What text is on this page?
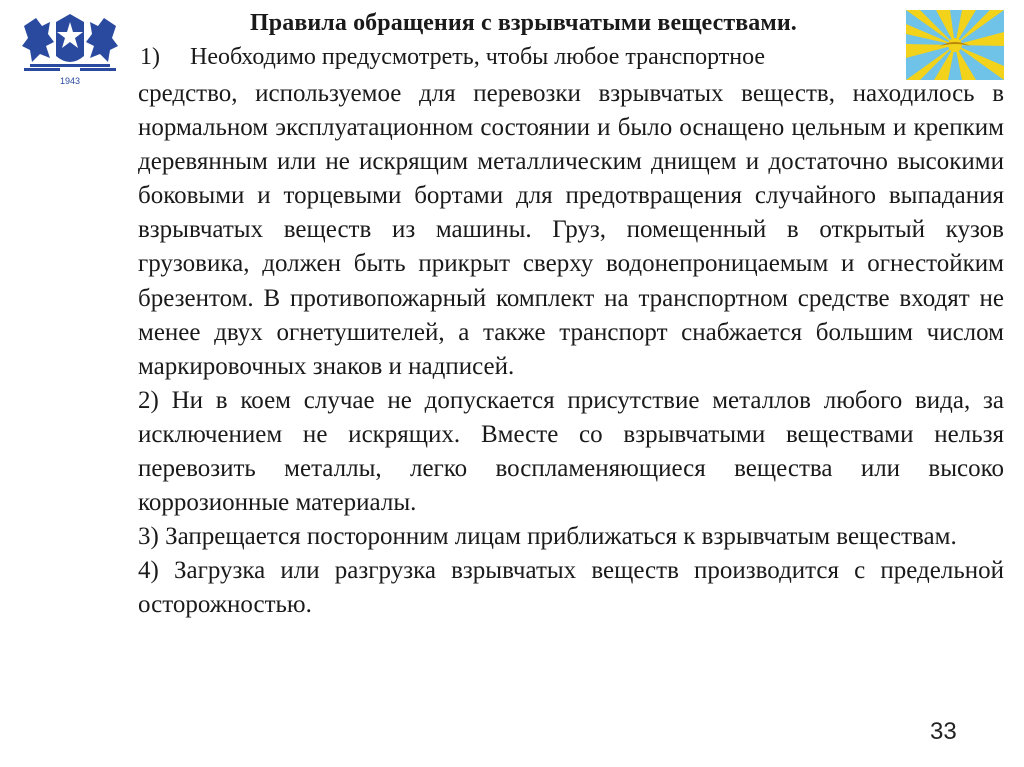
1943
Правила обращения с взрывчатыми веществами.
1) Необходимо предусмотреть, чтобы любое транспортное

средство, используемое для перевозки взрывчатых веществ, находилось в нормальном эксплуатационном состоянии и было оснащено цельным и крепким деревянным или не искрящим металлическим днищем и достаточно высокими боковыми и торцевыми бортами для предотвращения случайного выпадания взрывчатых веществ из машины. Груз, помещенный в открытый кузов грузовика, должен быть прикрыт сверху водонепроницаемым и огнестойким брезентом. В противопожарный комплект на транспортном средстве входят не менее двух огнетушителей, а также транспорт снабжается большим числом маркировочных знаков и надписей.

2) Ни в коем случае не допускается присутствие металлов любого вида, за исключением не искрящих. Вместе со взрывчатыми веществами нельзя перевозить металлы, легко воспламеняющиеся вещества или высоко коррозионные материалы.

3) Запрещается посторонним лицам приближаться к взрывчатым веществам.

4) Загрузка или разгрузка взрывчатых веществ производится с предельной осторожностью.

33
